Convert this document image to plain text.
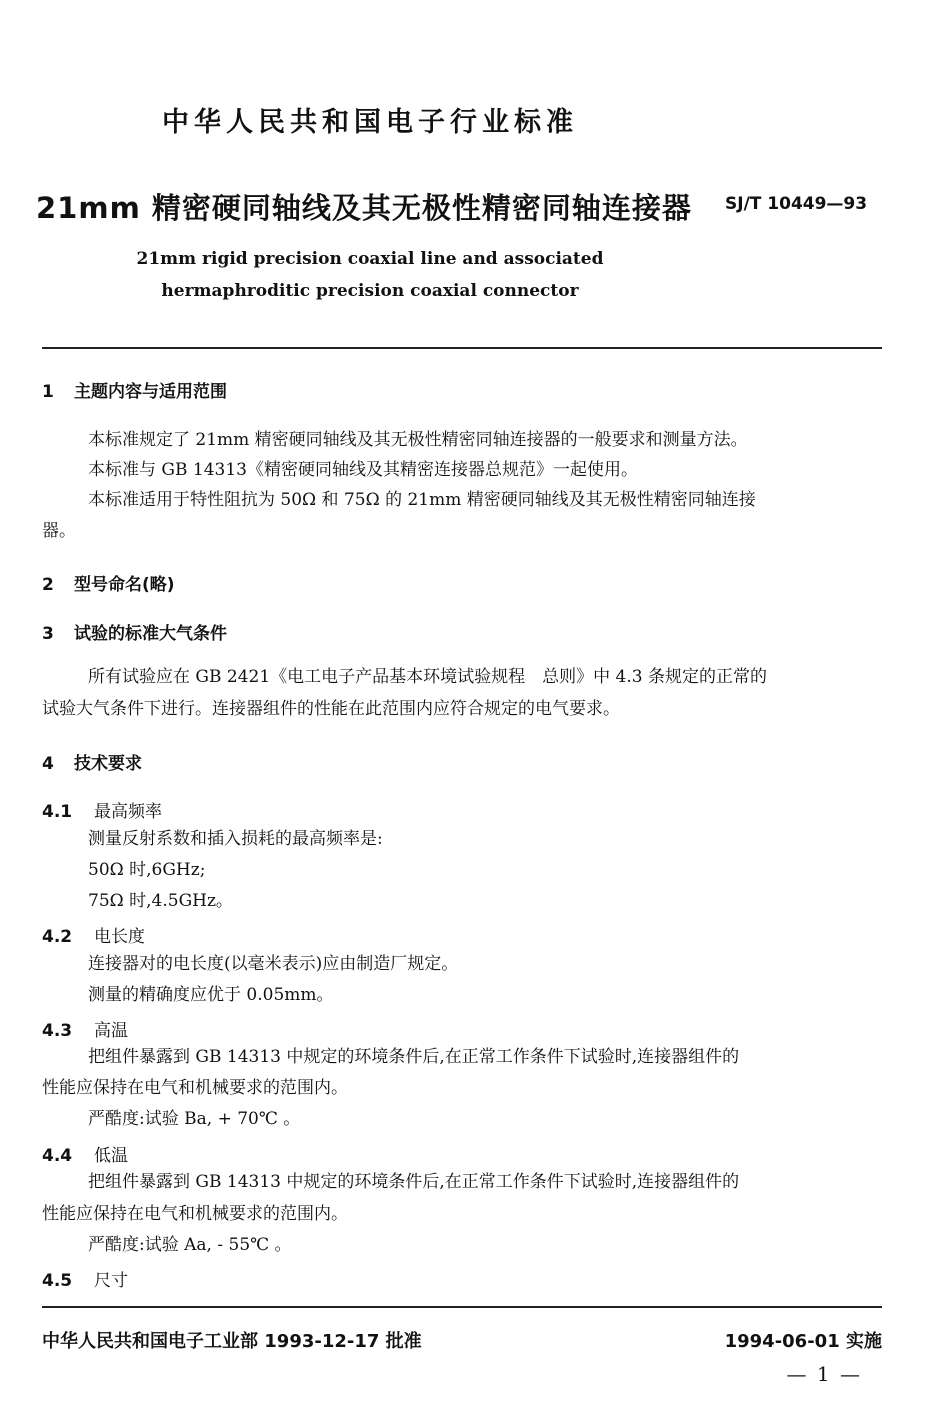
中华人民共和国电子行业标准
21mm 精密硬同轴线及其无极性精密同轴连接器 SJ/T 10449—93
21mm rigid precision coaxial line and associated
hermaphroditic precision coaxial connector
1 主题内容与适用范围
本标准规定了 21mm 精密硬同轴线及其无极性精密同轴连接器的一般要求和测量方法。
本标准与 GB 14313《精密硬同轴线及其精密连接器总规范》一起使用。
本标准适用于特性阻抗为 50Ω 和 75Ω 的 21mm 精密硬同轴线及其无极性精密同轴连接
器。
2 型号命名(略)
3 试验的标准大气条件
所有试验应在 GB 2421《电工电子产品基本环境试验规程　总则》中 4.3 条规定的正常的
试验大气条件下进行。连接器组件的性能在此范围内应符合规定的电气要求。
4 技术要求
4.1 最高频率
测量反射系数和插入损耗的最高频率是:
50Ω 时,6GHz;
75Ω 时,4.5GHz。
4.2 电长度
连接器对的电长度(以毫米表示)应由制造厂规定。
测量的精确度应优于 0.05mm。
4.3 高温
把组件暴露到 GB 14313 中规定的环境条件后,在正常工作条件下试验时,连接器组件的
性能应保持在电气和机械要求的范围内。
严酷度:试验 Ba, + 70℃ 。
4.4 低温
把组件暴露到 GB 14313 中规定的环境条件后,在正常工作条件下试验时,连接器组件的
性能应保持在电气和机械要求的范围内。
严酷度:试验 Aa, - 55℃ 。
4.5 尺寸
中华人民共和国电子工业部 1993-12-17 批准	1994-06-01 实施
— 1 —
